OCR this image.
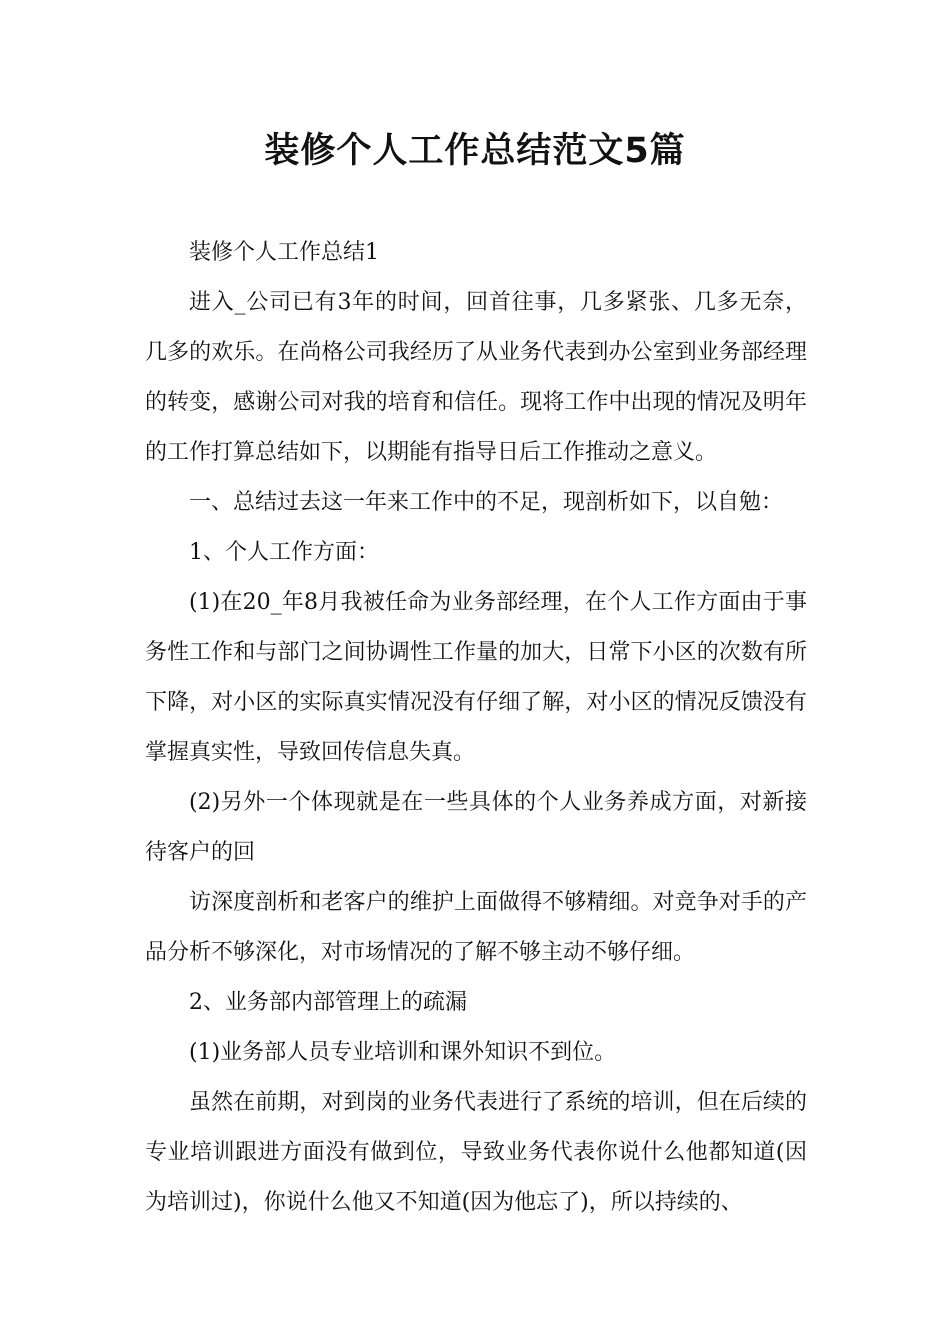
装修个人工作总结范文5篇

装修个人工作总结1

进入_公司已有3年的时间，回首往事，几多紧张、几多无奈，几多的欢乐。在尚格公司我经历了从业务代表到办公室到业务部经理的转变，感谢公司对我的培育和信任。现将工作中出现的情况及明年的工作打算总结如下，以期能有指导日后工作推动之意义。

一、总结过去这一年来工作中的不足，现剖析如下，以自勉：

1、个人工作方面：

(1)在20_年8月我被任命为业务部经理，在个人工作方面由于事务性工作和与部门之间协调性工作量的加大，日常下小区的次数有所下降，对小区的实际真实情况没有仔细了解，对小区的情况反馈没有掌握真实性，导致回传信息失真。

(2)另外一个体现就是在一些具体的个人业务养成方面，对新接待客户的回

访深度剖析和老客户的维护上面做得不够精细。对竞争对手的产品分析不够深化，对市场情况的了解不够主动不够仔细。

2、业务部内部管理上的疏漏

(1)业务部人员专业培训和课外知识不到位。

虽然在前期，对到岗的业务代表进行了系统的培训，但在后续的专业培训跟进方面没有做到位，导致业务代表你说什么他都知道(因为培训过)，你说什么他又不知道(因为他忘了)，所以持续的、
